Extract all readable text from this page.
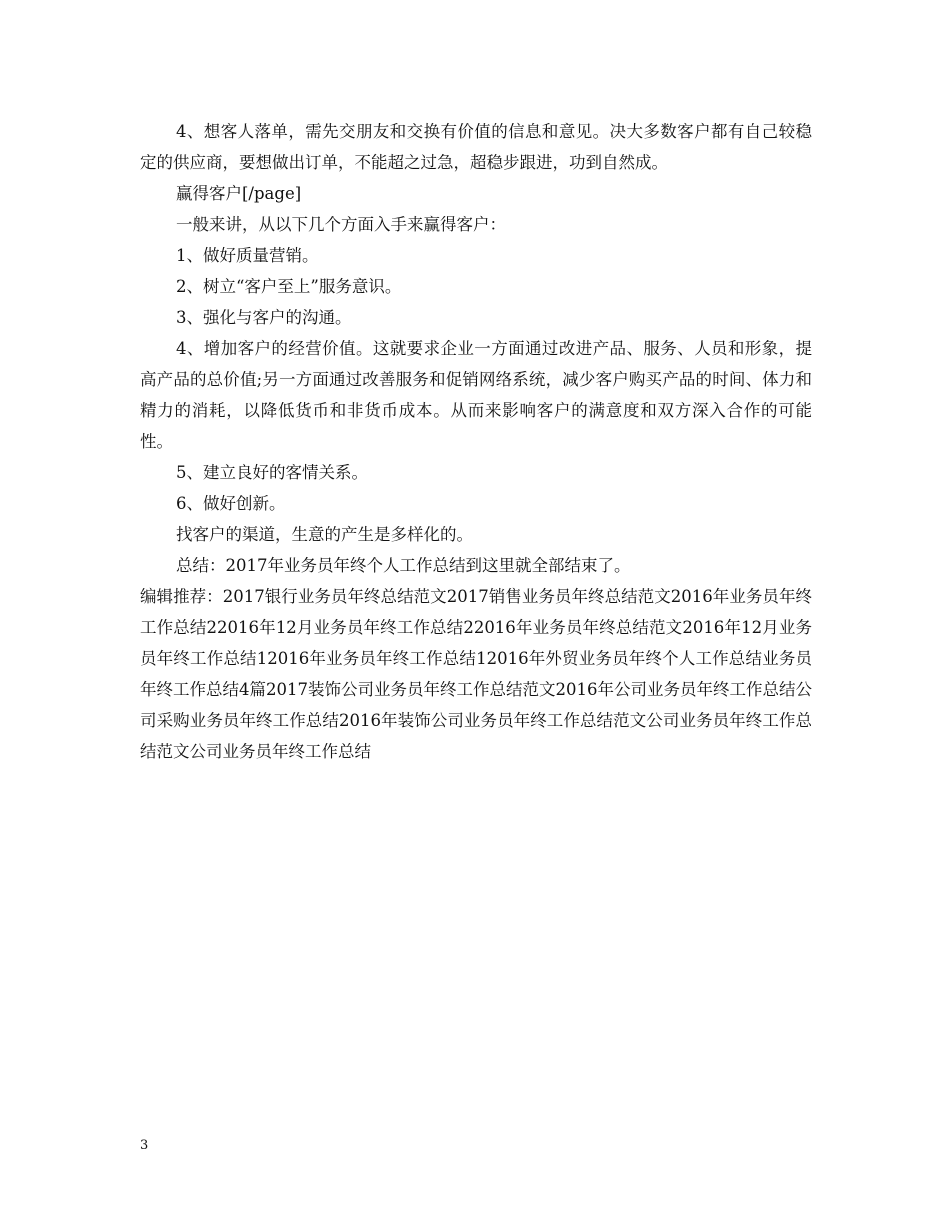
4、想客人落单，需先交朋友和交换有价值的信息和意见。决大多数客户都有自己较稳定的供应商，要想做出订单，不能超之过急，超稳步跟进，功到自然成。

赢得客户[/page]

一般来讲，从以下几个方面入手来赢得客户：

1、做好质量营销。

2、树立“客户至上”服务意识。

3、强化与客户的沟通。

4、增加客户的经营价值。这就要求企业一方面通过改进产品、服务、人员和形象，提高产品的总价值;另一方面通过改善服务和促销网络系统，减少客户购买产品的时间、体力和精力的消耗，以降低货币和非货币成本。从而来影响客户的满意度和双方深入合作的可能性。

5、建立良好的客情关系。

6、做好创新。

找客户的渠道，生意的产生是多样化的。

总结：2017年业务员年终个人工作总结到这里就全部结束了。

编辑推荐：2017银行业务员年终总结范文2017销售业务员年终总结范文2016年业务员年终工作总结22016年12月业务员年终工作总结22016年业务员年终总结范文2016年12月业务员年终工作总结12016年业务员年终工作总结12016年外贸业务员年终个人工作总结业务员年终工作总结4篇2017装饰公司业务员年终工作总结范文2016年公司业务员年终工作总结公司采购业务员年终工作总结2016年装饰公司业务员年终工作总结范文公司业务员年终工作总结范文公司业务员年终工作总结

3
